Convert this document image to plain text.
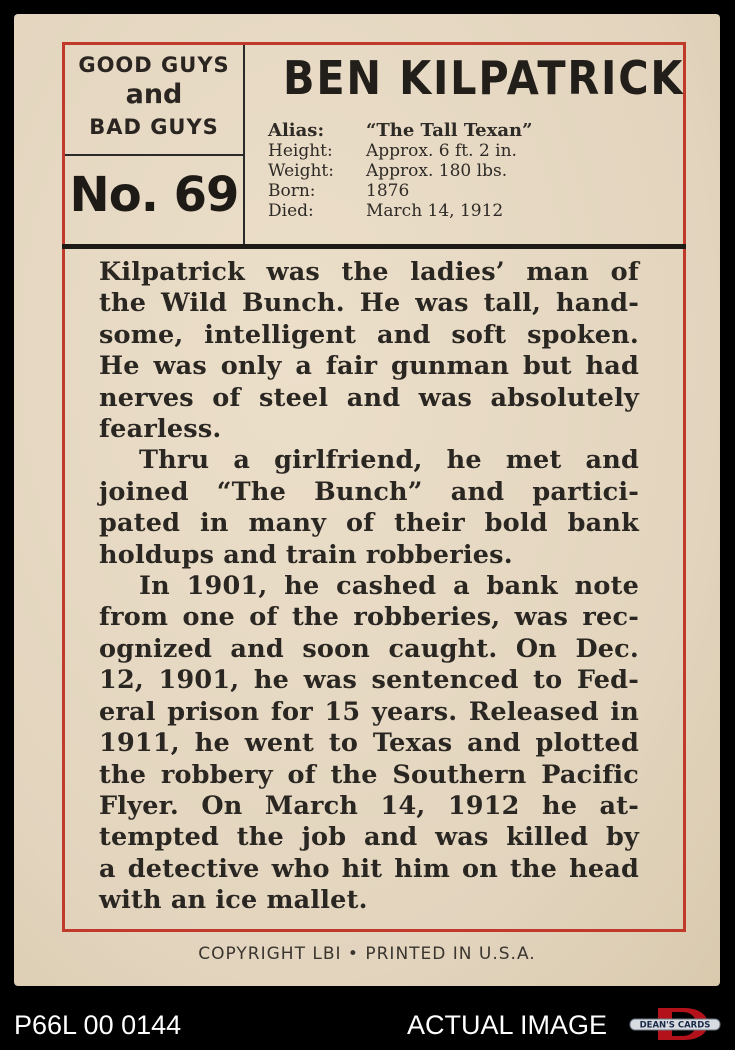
GOOD GUYS
and
BAD GUYS
No. 69
BEN KILPATRICK
Alias: “The Tall Texan”
Height: Approx. 6 ft. 2 in.
Weight: Approx. 180 lbs.
Born:	1876
Died:	March 14, 1912
Kilpatrick was the ladies’ man of
the Wild Bunch. He was tall, hand-
some, intelligent and soft spoken.
He was only a fair gunman but had
nerves of steel and was absolutely
fearless.
Thru a girlfriend, he met and
joined “The Bunch” and partici-
pated in many of their bold bank
holdups and train robberies.
In 1901, he cashed a bank note
from one of the robberies, was rec-
ognized and soon caught. On Dec.
12, 1901, he was sentenced to Fed-
eral prison for 15 years. Released in
1911, he went to Texas and plotted
the robbery of the Southern Pacific
Flyer. On March 14, 1912 he at-
tempted the job and was killed by
a detective who hit him on the head
with an ice mallet.
COPYRIGHT LBI • PRINTED IN U.S.A.
P66L 00 0144	ACTUAL IMAGE	DEAN'S CARDS
